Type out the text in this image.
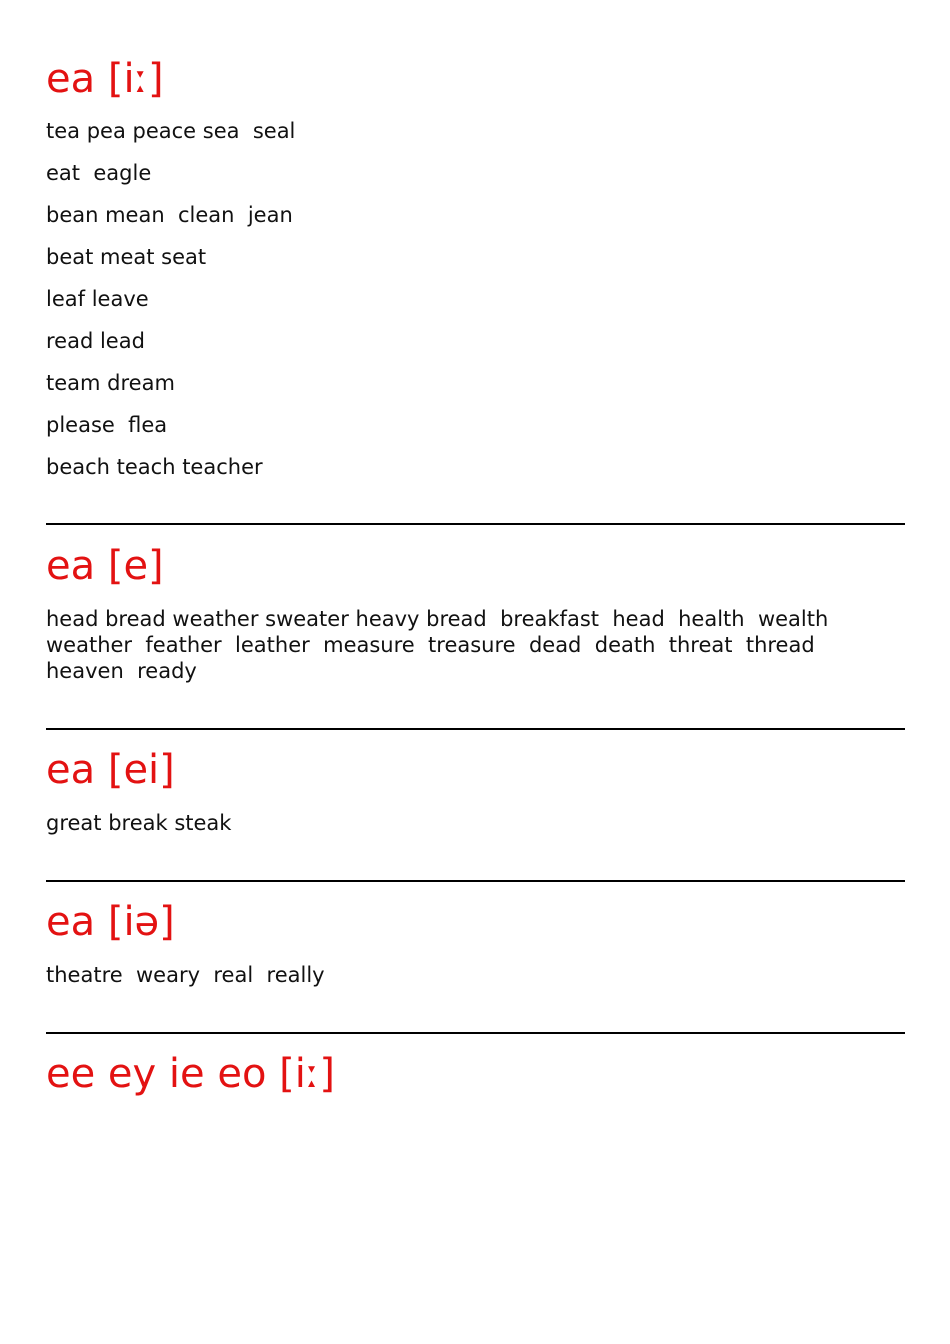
ea [iː]

tea pea peace sea  seal

eat  eagle

bean mean  clean  jean

beat meat seat

leaf leave

read lead

team dream

please  flea

beach teach teacher

ea [e]

head bread weather sweater heavy bread  breakfast  head  health  wealth  weather  feather  leather  measure  treasure  dead  death  threat  thread  heaven  ready

ea [ei]

great break steak

ea [iə]

theatre  weary  real  really

ee ey ie eo [iː]
